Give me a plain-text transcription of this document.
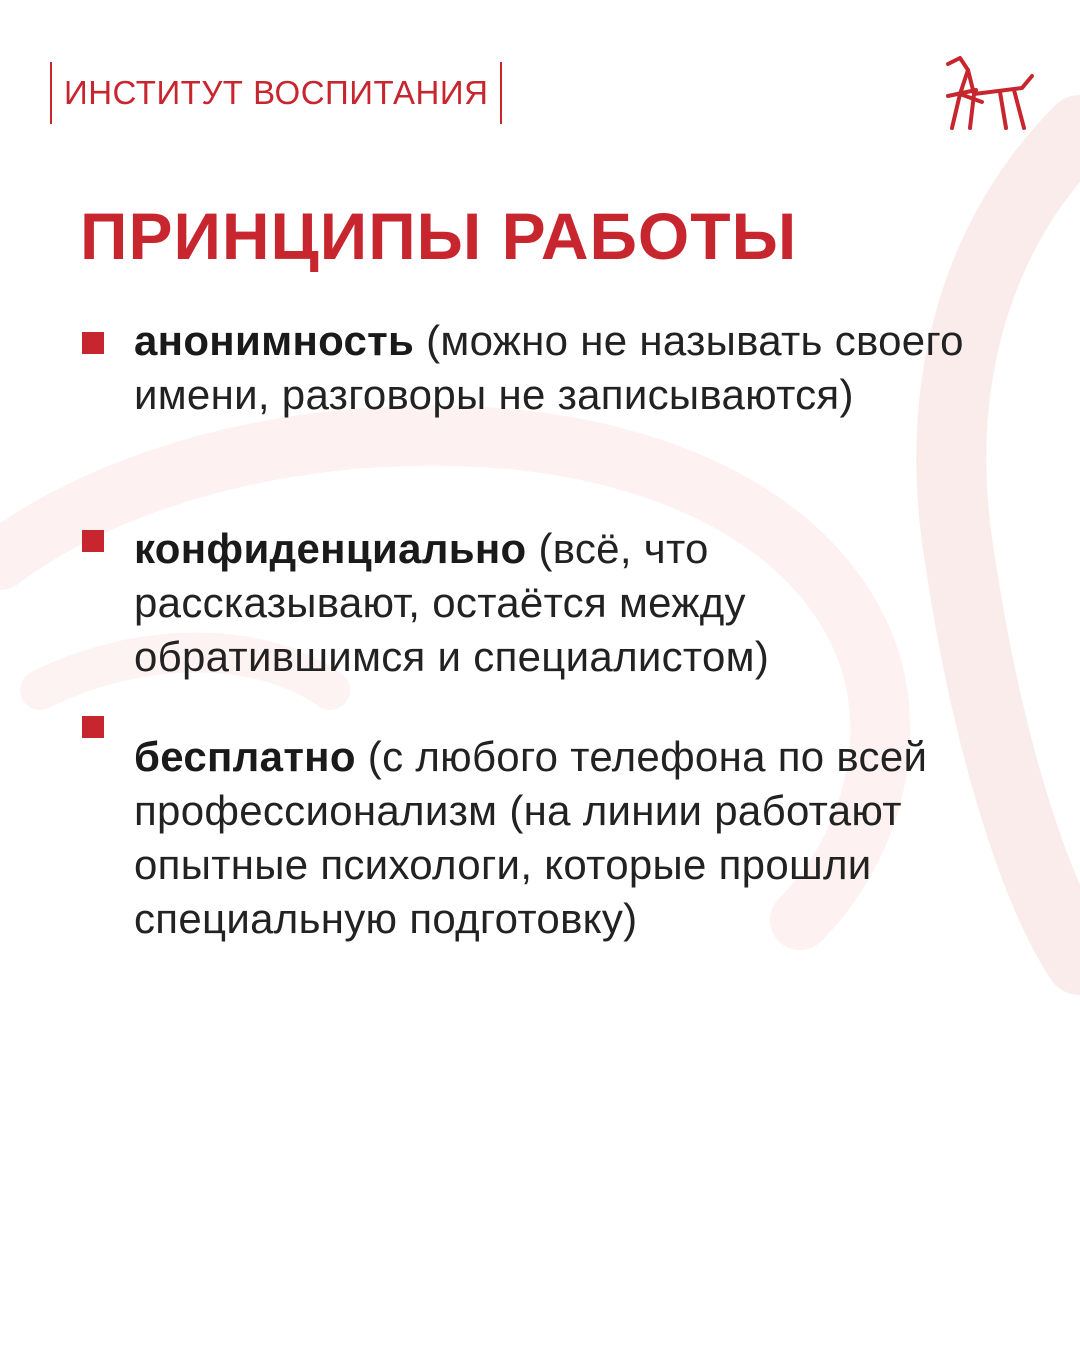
ИНСТИТУТ ВОСПИТАНИЯ
ПРИНЦИПЫ РАБОТЫ

анонимность (можно не называть своего имени, разговоры не записываются)

конфиденциально (всё, что рассказывают, остаётся между обратившимся и специалистом)

бесплатно (с любого телефона по всей профессионализм (на линии работают опытные психологи, которые прошли специальную подготовку)
